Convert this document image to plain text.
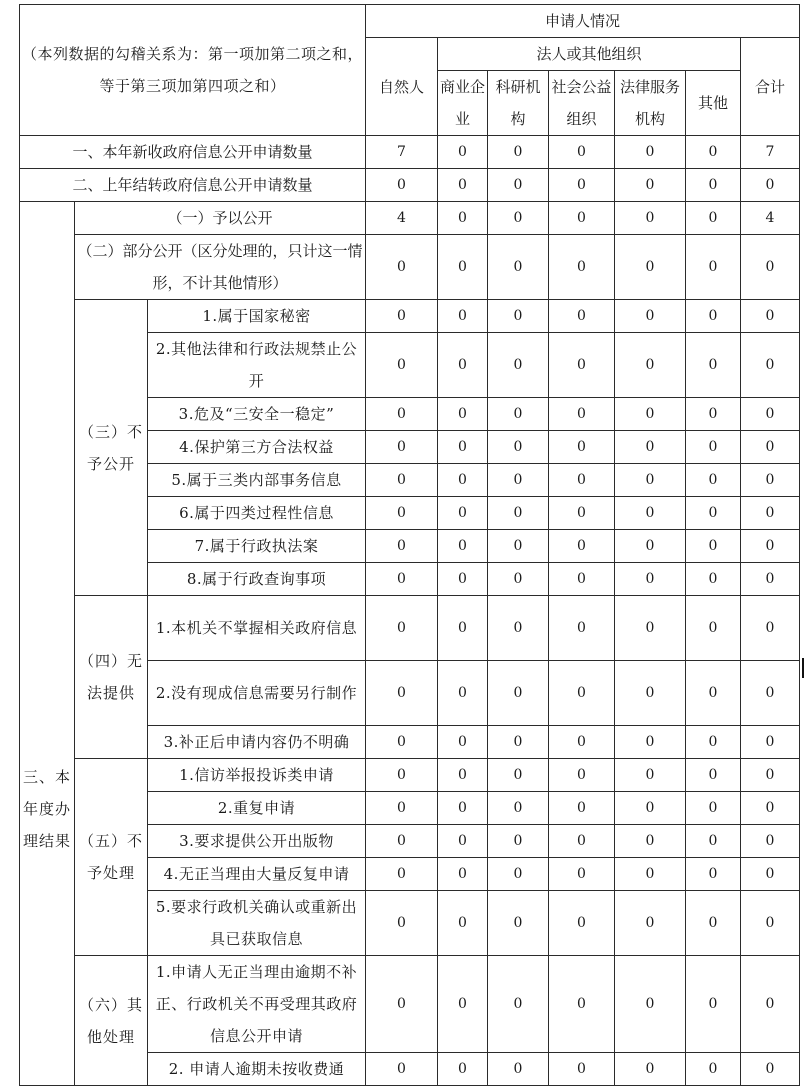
（本列数据的勾稽关系为：第一项加第二项之和，等于第三项加第四项之和）			申请人情况						
			自然人	法人或其他组织					合计
				商业企业	科研机构	社会公益组织	法律服务机构	其他	

一、本年新收政府信息公开申请数量			7	0	0	0	0	0	7
二、上年结转政府信息公开申请数量			0	0	0	0	0	0	0
三、本年度办理结果	（一）予以公开		4	0	0	0	0	0	4
	（二）部分公开（区分处理的，只计这一情形，不计其他情形）		0	0	0	0	0	0	0
	（三）不予公开	1.属于国家秘密	0	0	0	0	0	0	0
		2.其他法律和行政法规禁止公开	0	0	0	0	0	0	0
		3.危及“三安全一稳定”	0	0	0	0	0	0	0
		4.保护第三方合法权益	0	0	0	0	0	0	0
		5.属于三类内部事务信息	0	0	0	0	0	0	0
		6.属于四类过程性信息	0	0	0	0	0	0	0
		7.属于行政执法案	0	0	0	0	0	0	0
		8.属于行政查询事项	0	0	0	0	0	0	0
	（四）无法提供	1.本机关不掌握相关政府信息	0	0	0	0	0	0	0
		2.没有现成信息需要另行制作	0	0	0	0	0	0	0
		3.补正后申请内容仍不明确	0	0	0	0	0	0	0
	（五）不予处理	1.信访举报投诉类申请	0	0	0	0	0	0	0
		2.重复申请	0	0	0	0	0	0	0
		3.要求提供公开出版物	0	0	0	0	0	0	0
		4.无正当理由大量反复申请	0	0	0	0	0	0	0
		5.要求行政机关确认或重新出具已获取信息	0	0	0	0	0	0	0
	（六）其他处理	1.申请人无正当理由逾期不补正、行政机关不再受理其政府信息公开申请	0	0	0	0	0	0	0
		2. 申请人逾期未按收费通	0	0	0	0	0	0	0
